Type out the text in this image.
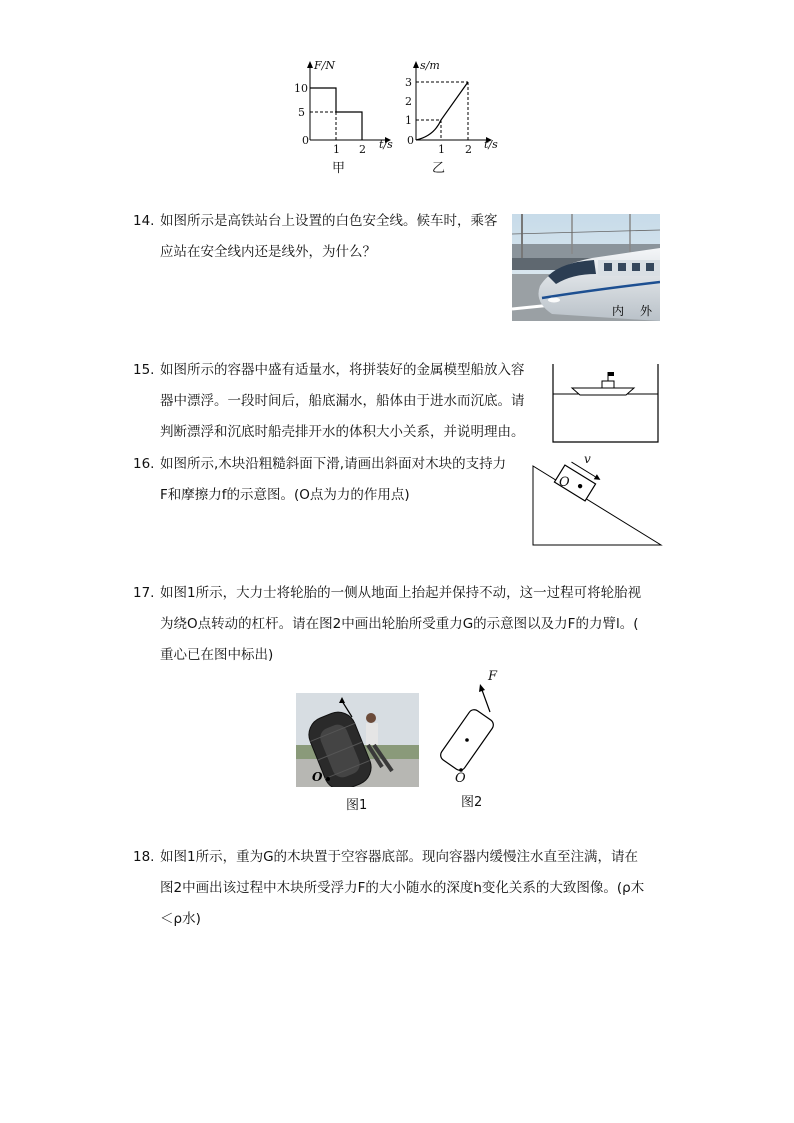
F/N
10
5
0
1 2 t/s
甲
s/m
3
2
1
0
1 2 t/s
乙
14. 如图所示是高铁站台上设置的白色安全线。候车时，乘客
应站在安全线内还是线外，为什么？
内 外
15. 如图所示的容器中盛有适量水，将拼装好的金属模型船放入容
器中漂浮。一段时间后，船底漏水，船体由于进水而沉底。请
判断漂浮和沉底时船壳排开水的体积大小关系，并说明理由。
16. 如图所示,木块沿粗糙斜面下滑,请画出斜面对木块的支持力
F和摩擦力f的示意图。(O点为力的作用点)
v
O
17. 如图1所示，大力士将轮胎的一侧从地面上抬起并保持不动，这一过程可将轮胎视
为绕O点转动的杠杆。请在图2中画出轮胎所受重力G的示意图以及力F的力臂l。(
重心已在图中标出)
O
图1
F
O
图2
18. 如图1所示，重为G的木块置于空容器底部。现向容器内缓慢注水直至注满，请在
图2中画出该过程中木块所受浮力F的大小随水的深度h变化关系的大致图像。(ρ木
＜ρ水)
